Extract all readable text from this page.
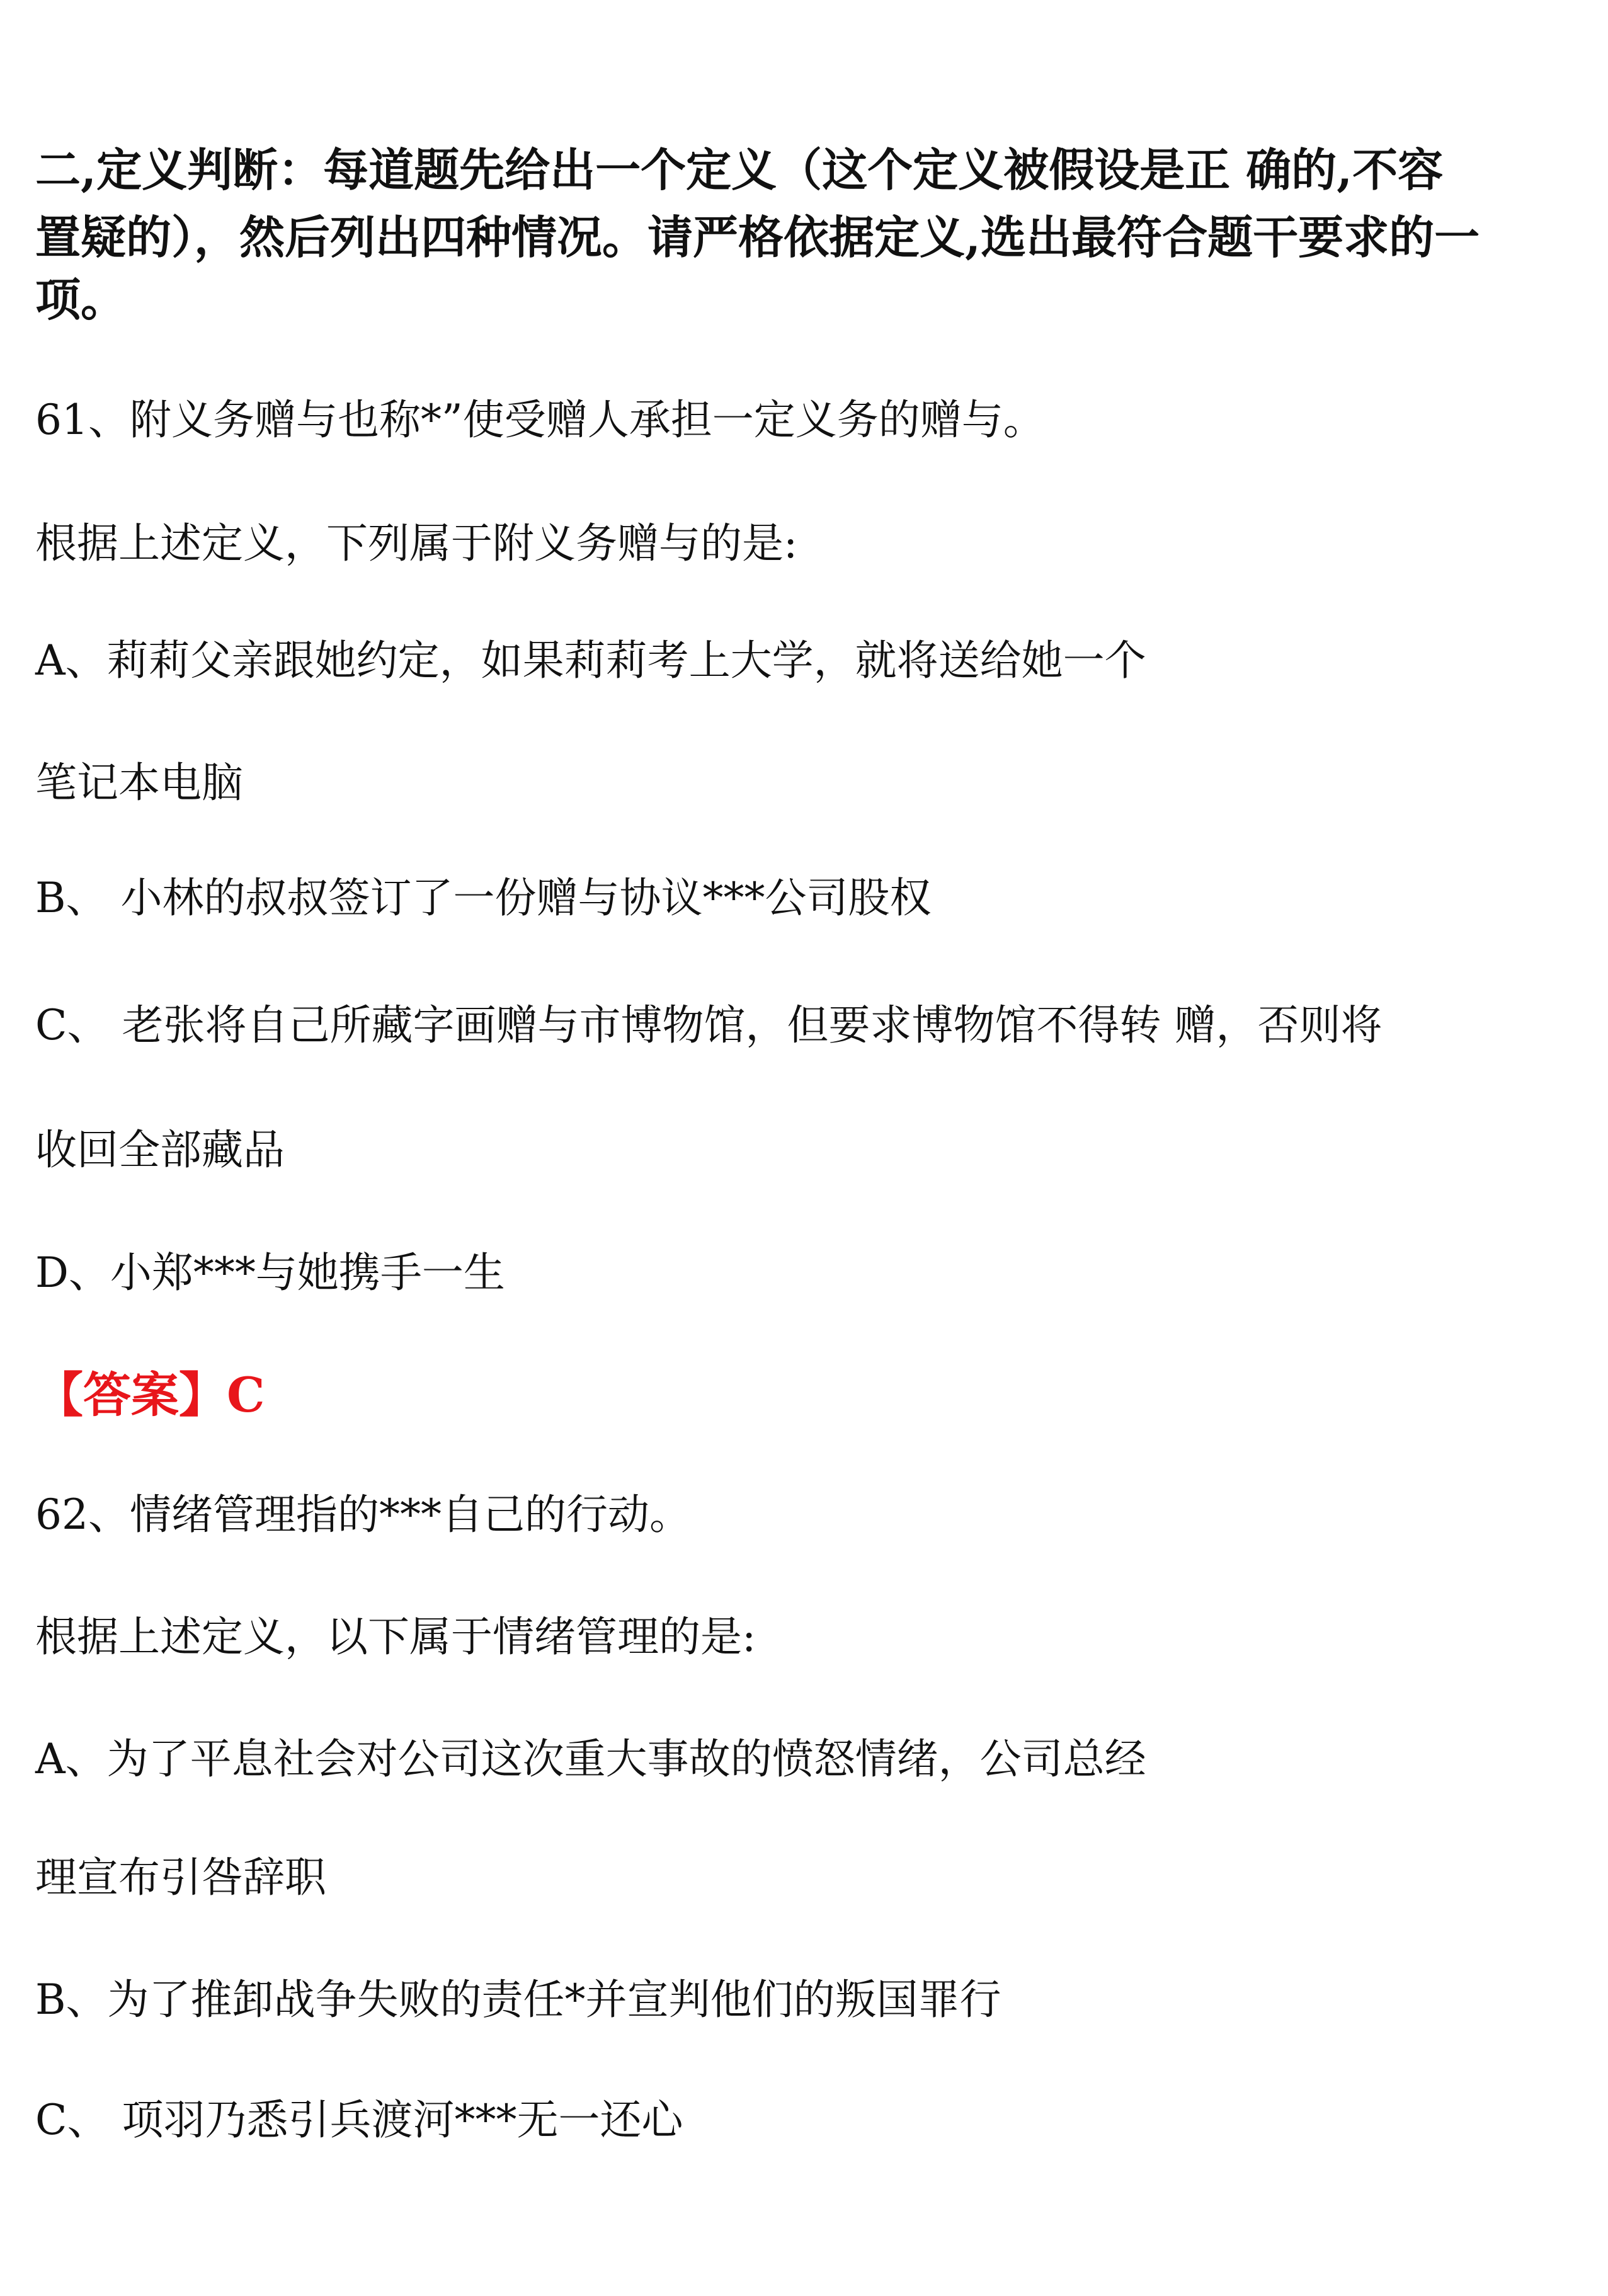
二,定义判断：每道题先给出一个定义（这个定义被假设是正 确的,不容

置疑的），然后列出四种情况。请严格依据定义,选出最符合题干要求的一

项。

61、附义务赠与也称*”使受赠人承担一定义务的赠与。

根据上述定义，下列属于附义务赠与的是:

A、莉莉父亲跟她约定，如果莉莉考上大学，就将送给她一个

笔记本电脑

B、 小林的叔叔签订了一份赠与协议***公司股权

C、 老张将自己所藏字画赠与市博物馆，但要求博物馆不得转 赠，否则将

收回全部藏品

D、小郑***与她携手一生

【答案】C

62、情绪管理指的***自己的行动。

根据上述定义，以下属于情绪管理的是:

A、为了平息社会对公司这次重大事故的愤怒情绪，公司总经

理宣布引咎辞职

B、为了推卸战争失败的责任*并宣判他们的叛国罪行

C、 项羽乃悉引兵渡河***无一还心
